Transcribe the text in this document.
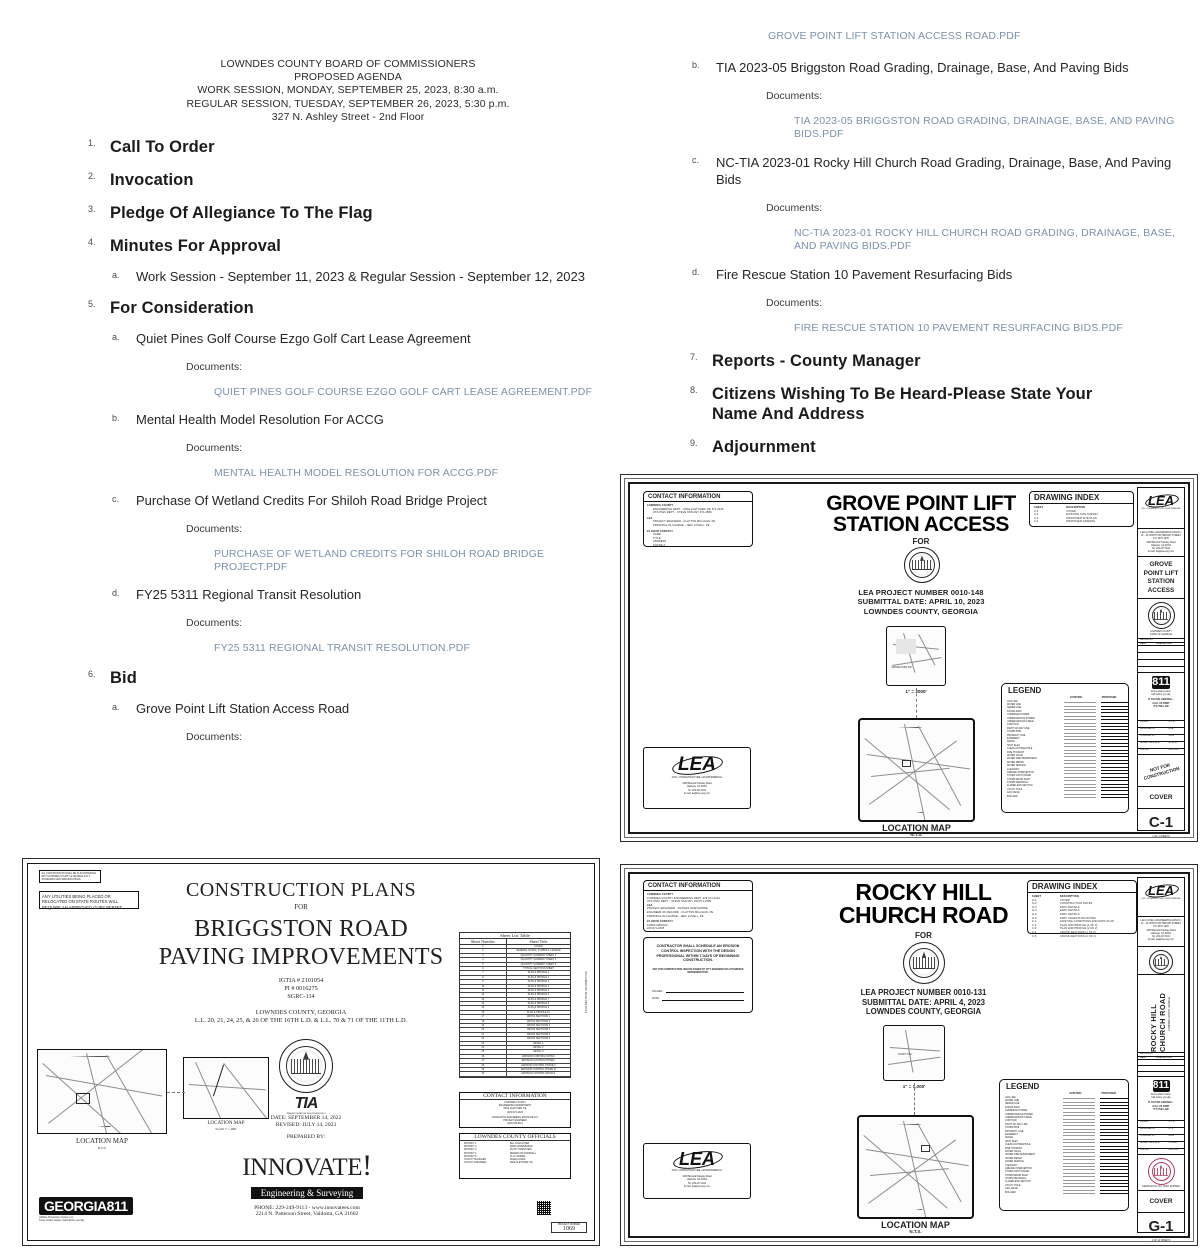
LOWNDES COUNTY BOARD OF COMMISSIONERS
PROPOSED AGENDA
WORK SESSION, MONDAY, SEPTEMBER 25, 2023, 8:30 a.m.
REGULAR SESSION, TUESDAY, SEPTEMBER 26, 2023, 5:30 p.m.
327 N. Ashley Street - 2nd Floor
1. Call To Order
2. Invocation
3. Pledge Of Allegiance To The Flag
4. Minutes For Approval
a. Work Session - September 11, 2023 & Regular Session - September 12, 2023
5. For Consideration
a. Quiet Pines Golf Course Ezgo Golf Cart Lease Agreement
Documents:
QUIET PINES GOLF COURSE EZGO GOLF CART LEASE AGREEMENT.PDF
b. Mental Health Model Resolution For ACCG
Documents:
MENTAL HEALTH MODEL RESOLUTION FOR ACCG.PDF
c. Purchase Of Wetland Credits For Shiloh Road Bridge Project
Documents:
PURCHASE OF WETLAND CREDITS FOR SHILOH ROAD BRIDGE PROJECT.PDF
d. FY25 5311 Regional Transit Resolution
Documents:
FY25 5311 REGIONAL TRANSIT RESOLUTION.PDF
6. Bid
a. Grove Point Lift Station Access Road
Documents:
GROVE POINT LIFT STATION ACCESS ROAD.PDF
b. TIA 2023-05 Briggston Road Grading, Drainage, Base, And Paving Bids
Documents:
TIA 2023-05 BRIGGSTON ROAD GRADING, DRAINAGE, BASE, AND PAVING BIDS.PDF
c. NC-TIA 2023-01 Rocky Hill Church Road Grading, Drainage, Base, And Paving Bids
Documents:
NC-TIA 2023-01 ROCKY HILL CHURCH ROAD GRADING, DRAINAGE, BASE, AND PAVING BIDS.PDF
d. Fire Rescue Station 10 Pavement Resurfacing Bids
Documents:
FIRE RESCUE STATION 10 PAVEMENT RESURFACING BIDS.PDF
7. Reports - County Manager
8. Citizens Wishing To Be Heard-Please State Your Name And Address
9. Adjournment
CONTACT INFORMATION
LOWNDES COUNTY
ENGINEERING DEPT. - MIKE FLETCHER, PE 671-2425
UTILITIES DEPT. - STEVE STALVEY 671-2589
LEA
PROJECT ENGINEER - CLAYTON MILLIGAN, PE
PRINCIPAL-IN-CHARGE - JEFF LOVELL, PE
24 HOUR CONTACT
NAME
TITLE
ADDRESS
PHONE #
GROVE POINT LIFT
STATION ACCESS
FOR
LEA PROJECT NUMBER 0010-148
SUBMITTAL DATE: APRIL 10, 2023
LOWNDES COUNTY, GEORGIA
GROVE POINT RD
1" = 2000'
LOCATION MAP
N.T.S.
DRAWING INDEX
SHEET	DESCRIPTION
C-1	COVER
C-2	EXISTING SITE SURVEY
C-3	PROPOSED SITE PLAN
C-4	PROPOSED GRADING
LEA
CIVIL • INFRASTRUCTURE • ENVIRONMENTAL
1608 Barrack Parkway Road
Valdosta, GA 31601
Tel: 229.247.3021
E-mail: lea@lea-eng.com
LEGEND
EXISTING	PROPOSED
GAS LINE
WATER LINE
SEWER LINE
FORCE MAIN
OVERHEAD POWER
UNDERGROUND POWER
UNDERGROUND CABLE
CONTOUR
RIGHT-OF-WAY LINE
STORM PIPE
PROPERTY LINE
EASEMENT
FENCE
SPOT ELEV.
CLEAN-OUT/MANHOLE
FIRE HYDRANT
WATER VALVE
WATER FIRE DEPARTMENT
WATER METER
WATER SERVICE
CLEANOUT
GREASE INTERCEPTOR
STORM CATCH BASIN
STORM DRAIN INLET
STORM HEADWALL
FLARED END SECTION
UTILITY POLE
GAS VALVE
BOLLARD
LEA
CIVIL • INFRASTRUCTURE • ENVIRONMENTAL
LEA (LOVELL ENGINEERING ASSOC.)
21 - 24 NORTH PATTERSON STREET
P.O. BOX 1625
1608 Barrack Parkway Road
Valdosta, GA 31601
Tel: 229.247.3021
E-mail: lea@lea-eng.com
GROVE
POINT LIFT
STATION
ACCESS
LOWNDES COUNTY
STATE OF GEORGIA
REVISIONS
DATE	DESCRIPTION
811
Know what's below.
Call before you dig.
IF YOU DIG GEORGIA...
CALL US FIRST
IT'S THE LAW
SCALE:	N.T.S.
DESIGNED BY:	BCE
CHECKED BY:	MCM
SUBMITTAL DATE:	04.10.23
JOB NO.	0010-148
NOT FOR CONSTRUCTION
COVER
C-1
1 OF 4 SHEETS
ALL CONSTRUCTION SHALL BE IN ACCORDANCE WITH LOWNDES COUNTY & GEORGIA D.O.T. STANDARDS AND SPECIFICATIONS.
ANY UTILITIES BEING PLACED OR RELOCATED ON STATE ROUTES WILL REQUIRE AN APPROVED GUPS PERMIT.
CONSTRUCTION PLANS
FOR
BRIGGSTON ROAD
PAVING IMPROVEMENTS
IGTIA # 2101054
PI # 0016275
SGRC-114
LOWNDES COUNTY, GEORGIA
L.L. 20, 21, 24, 25, & 26 OF THE 16TH L.D. & L.L. 70 & 71 OF THE 11TH L.D.
TIA
TRANSPORTATION INVESTMENT ACT
DATE: SEPTEMBER 14, 2022
REVISED: JULY 14, 2023
PREPARED BY:
INNOVATE! Engineering & Surveying
PHONE: 229-249-9113 - www.innovatees.com
2214 N. Patterson Street, Valdosta, GA 31602
LOCATION MAP
N.T.S.
LOCATION MAP
SCALE 1" = 4000'
Sheet List Table
Sheet Number	Sheet Title
1	COVER
2	GENERAL NOTES, SYMBOLS, LEGEND
3	QUANTITY SUMMARY SHEET 1
4	QUANTITY SUMMARY SHEET 2
5	QUANTITY SUMMARY SHEET 3
6	TYPICAL SECTIONS SHEET
7	PLAN & PROFILE 1
8	PLAN & PROFILE 2
9	PLAN & PROFILE 3
10	PLAN & PROFILE 4
11	PLAN & PROFILE 5
12	PLAN & PROFILE 6
13	PLAN & PROFILE 7
14	PLAN & PROFILE 8
15	PLAN & PROFILE 9
16	PLAN & PROFILE 10
17	CROSS SECTIONS 1
18	CROSS SECTIONS 2
19	CROSS SECTIONS 3
20	CROSS SECTIONS 4
21	CROSS SECTIONS 5
22	CROSS SECTIONS 6
23	DETAIL 1
24	DETAIL 2
25	DETAIL 3
26	EROSION CONTROL NOTES
27	EROSION CONTROL PHASE I
28	EROSION CONTROL PHASE II
29	EROSION CONTROL PHASE III
30	EROSION CONTROL DETAILS
CONTACT INFORMATION
LOWNDES COUNTY
ENGINEERING DEPARTMENT
MIKE FLETCHER, PE
(229) 671-2425
CONSULTING ENGINEERS: INNOVATE LLC
PROJECT ENGINEER
(229) 249-9113
LOWNDES COUNTY OFFICIALS
DISTRICT 1	BILL SLAUGHTER
DISTRICT 2	MARK WISENBAKER
DISTRICT 3	SCOTT ORENSTEIN
DISTRICT 4	DEMARCUS MARSHALL
DISTRICT 5	CLAY GRINER
COUNTY MANAGER	PAIGE DUKES
COUNTY ENGINEER	MIKE FLETCHER, PE
GEORGIA811
Utilities Protection Center, Inc.
Know what's below. Call before you dig.
PROJECT NUMBER
1069
PLAN REVISION INFORMATION
CONTACT INFORMATION
LOWNDES COUNTY
LOWNDES COUNTY ENGINEERING DEPT. 229-671-2441
UTILITIES DEPT. - STEVE STALVEY 229-671-2589
LEA
PROJECT ENGINEER - THOMAS HAWTHORNE
ENGINEER-OF-RECORD - CLAYTON MILLIGAN, PE
PRINCIPAL-IN-CHARGE - JEFF LOVELL, PE
24 HOUR CONTACT
CHRIS ARNOLD
229-671-2525
CONTRACTOR SHALL SCHEDULE AN EROSION CONTROL INSPECTION WITH THE DESIGN PROFESSIONAL WITHIN 7 DAYS OF BEGINNING CONSTRUCTION.
NOT FOR CONSTRUCTION UNLESS SIGNED BY CITY ENGINEER OR AUTHORIZED REPRESENTATIVE.
SIGNED
DATE
ROCKY HILL
CHURCH ROAD
FOR
LEA PROJECT NUMBER 0010-131
SUBMITTAL DATE: APRIL 4, 2023
LOWNDES COUNTY, GEORGIA
ROCKY HILL
1" = 1,000'
LOCATION MAP
N.T.S.
DRAWING INDEX
SHEET	DESCRIPTION
G-1	COVER
G-2	CONSTRUCTION NOTES
G-3	ESPC DETAILS
G-4	ESPC DETAILS
G-5	ESPC DETAILS
G-6	ESPC VEGETATION NOTES
C-1	EXISTING CONDITIONS AND ESPC PLAN
C-2	PLAN AND PROFILE (1 OF 2)
C-3	PLAN AND PROFILE (2 OF 2)
C-4	CROSS SECTIONS (1 OF 2)
C-5	CROSS SECTIONS (2 OF 2)
LEA
CIVIL • INFRASTRUCTURE • ENVIRONMENTAL
1608 Barrack Parkway Road
Valdosta, GA 31601
Tel: 229.247.3021
E-mail: lea@lea-eng.com
LEGEND
EXISTING	PROPOSED
GAS LINE
WATER LINE
SEWER LINE
FORCE MAIN
OVERHEAD POWER
UNDERGROUND POWER
UNDERGROUND CABLE
CONTOUR
RIGHT-OF-WAY LINE
STORM PIPE
PROPERTY LINE
EASEMENT
FENCE
SPOT ELEV.
CLEAN-OUT/MANHOLE
FIRE HYDRANT
WATER VALVE
WATER FIRE DEPARTMENT
WATER METER
WATER SERVICE
CLEANOUT
GREASE INTERCEPTOR
STORM CATCH BASIN
STORM DRAIN INLET
STORM HEADWALL
FLARED END SECTION
UTILITY POLE
GAS VALVE
BOLLARD
LEA
CIVIL • INFRASTRUCTURE • ENVIRONMENTAL
LEA (LOVELL ENGINEERING ASSOC.)
21 - 24 NORTH PATTERSON STREET
P.O. BOX 1625
1608 Barrack Parkway Road
Valdosta, GA 31601
Tel: 229.247.3021
E-mail: lea@lea-eng.com
ROCKY HILL CHURCH ROAD LOWNDES COUNTY, GEORGIA
REVISIONS
DATE	DESCRIPTION
811
Know what's below.
Call before you dig.
IF YOU DIG GEORGIA...
CALL US FIRST
IT'S THE LAW
SCALE:	N.T.S.
DESIGNED BY:	CTS
CHECKED BY:	MCM
SUBMITTAL DATE:	4.4.2023
JOB NO.	0010-131
GEORGIA P.E. NO. 41907 EXPIRES
COVER
G-1
1 OF 11 SHEETS
